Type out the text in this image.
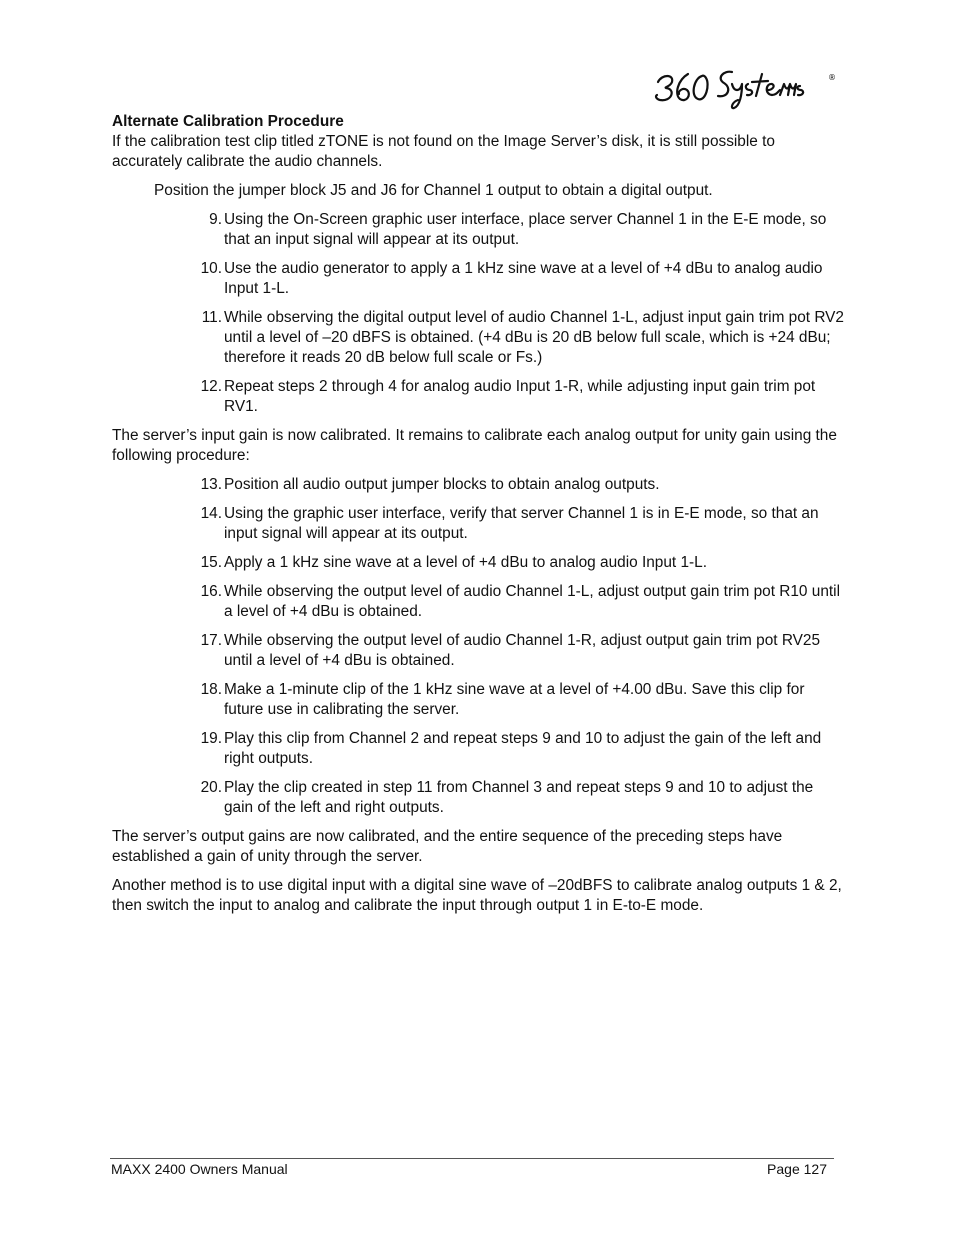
®

Alternate Calibration Procedure

If the calibration test clip titled zTONE is not found on the Image Server’s disk, it is still possible to accurately calibrate the audio channels.

Position the jumper block J5 and J6 for Channel 1 output to obtain a digital output.

9. Using the On-Screen graphic user interface, place server Channel 1 in the E-E mode, so that an input signal will appear at its output.
10. Use the audio generator to apply a 1 kHz sine wave at a level of +4 dBu to analog audio Input 1-L.
11. While observing the digital output level of audio Channel 1-L, adjust input gain trim pot RV2 until a level of –20 dBFS is obtained. (+4 dBu is 20 dB below full scale, which is +24 dBu; therefore it reads 20 dB below full scale or Fs.)
12. Repeat steps 2 through 4 for analog audio Input 1-R, while adjusting input gain trim pot RV1.

The server’s input gain is now calibrated. It remains to calibrate each analog output for unity gain using the following procedure:

13. Position all audio output jumper blocks to obtain analog outputs.
14. Using the graphic user interface, verify that server Channel 1 is in E-E mode, so that an input signal will appear at its output.
15. Apply a 1 kHz sine wave at a level of +4 dBu to analog audio Input 1-L.
16. While observing the output level of audio Channel 1-L, adjust output gain trim pot R10 until a level of +4 dBu is obtained.
17. While observing the output level of audio Channel 1-R, adjust output gain trim pot RV25 until a level of +4 dBu is obtained.
18. Make a 1-minute clip of the 1 kHz sine wave at a level of +4.00 dBu. Save this clip for future use in calibrating the server.
19. Play this clip from Channel 2 and repeat steps 9 and 10 to adjust the gain of the left and right outputs.
20. Play the clip created in step 11 from Channel 3 and repeat steps 9 and 10 to adjust the gain of the left and right outputs.

The server’s output gains are now calibrated, and the entire sequence of the preceding steps have established a gain of unity through the server.

Another method is to use digital input with a digital sine wave of –20dBFS to calibrate analog outputs 1 & 2, then switch the input to analog and calibrate the input through output 1 in E-to-E mode.

MAXX 2400 Owners Manual	Page 127
